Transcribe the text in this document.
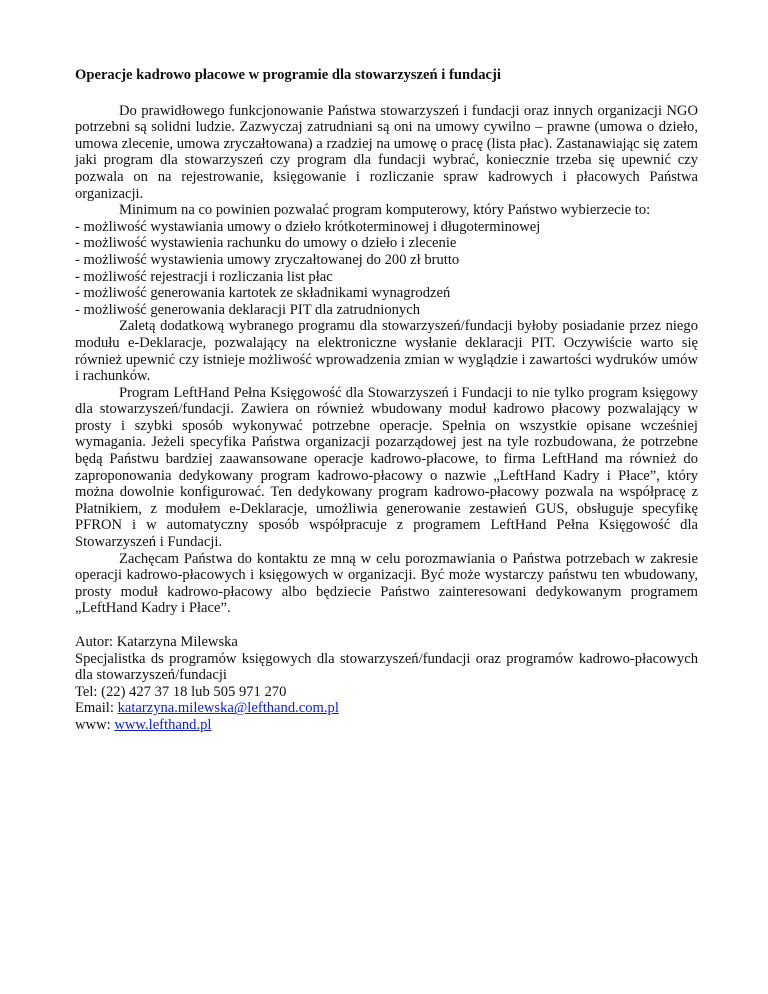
Operacje kadrowo płacowe w programie dla stowarzyszeń i fundacji

Do prawidłowego funkcjonowanie Państwa stowarzyszeń i fundacji oraz innych organizacji NGO potrzebni są solidni ludzie. Zazwyczaj zatrudniani są oni na umowy cywilno – prawne (umowa o dzieło, umowa zlecenie, umowa zryczałtowana) a rzadziej na umowę o pracę (lista płac). Zastanawiając się zatem jaki program dla stowarzyszeń czy program dla fundacji wybrać, koniecznie trzeba się upewnić czy pozwala on na rejestrowanie, księgowanie i rozliczanie spraw kadrowych i płacowych Państwa organizacji.

Minimum na co powinien pozwalać program komputerowy, który Państwo wybierzecie to:

- możliwość wystawiania umowy o dzieło krótkoterminowej i długoterminowej
- możliwość wystawienia rachunku do umowy o dzieło i zlecenie
- możliwość wystawienia umowy zryczałtowanej do 200 zł brutto
- możliwość rejestracji i rozliczania list płac
- możliwość generowania kartotek ze składnikami wynagrodzeń
- możliwość generowania deklaracji PIT dla zatrudnionych

Zaletą dodatkową wybranego programu dla stowarzyszeń/fundacji byłoby posiadanie przez niego modułu e-Deklaracje, pozwalający na elektroniczne wysłanie deklaracji PIT. Oczywiście warto się również upewnić czy istnieje możliwość wprowadzenia zmian w wyglądzie i zawartości wydruków umów i rachunków.

Program LeftHand Pełna Księgowość dla Stowarzyszeń i Fundacji to nie tylko program księgowy dla stowarzyszeń/fundacji. Zawiera on również wbudowany moduł kadrowo płacowy pozwalający w prosty i szybki sposób wykonywać potrzebne operacje. Spełnia on wszystkie opisane wcześniej wymagania. Jeżeli specyfika Państwa organizacji pozarządowej jest na tyle rozbudowana, że potrzebne będą Państwu bardziej zaawansowane operacje kadrowo-płacowe, to firma LeftHand ma również do zaproponowania dedykowany program kadrowo-płacowy o nazwie „LeftHand Kadry i Płace”, który można dowolnie konfigurować. Ten dedykowany program kadrowo-płacowy pozwala na współpracę z Płatnikiem, z modułem e-Deklaracje, umożliwia generowanie zestawień GUS, obsługuje specyfikę PFRON i w automatyczny sposób współpracuje z programem LeftHand Pełna Księgowość dla Stowarzyszeń i Fundacji.

Zachęcam Państwa do kontaktu ze mną w celu porozmawiania o Państwa potrzebach w zakresie operacji kadrowo-płacowych i księgowych w organizacji. Być może wystarczy państwu ten wbudowany, prosty moduł kadrowo-płacowy albo będziecie Państwo zainteresowani dedykowanym programem „LeftHand Kadry i Płace”.

Autor: Katarzyna Milewska

Specjalistka ds programów księgowych dla stowarzyszeń/fundacji oraz programów kadrowo-płacowych dla stowarzyszeń/fundacji

Tel: (22) 427 37 18 lub 505 971 270

Email: katarzyna.milewska@lefthand.com.pl

www: www.lefthand.pl
